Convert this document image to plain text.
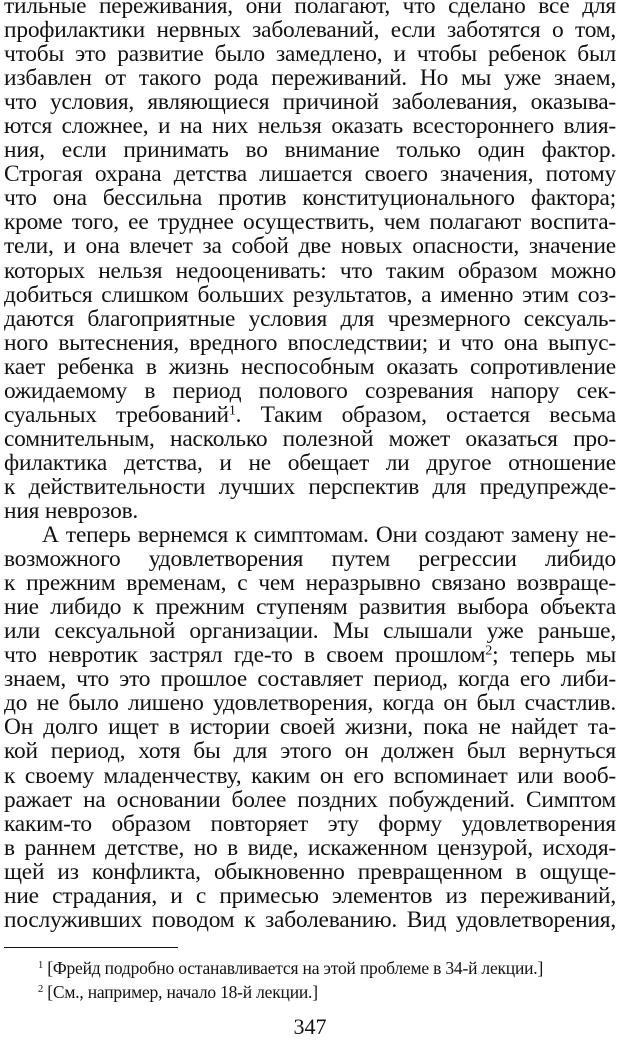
тильные переживания, они полагают, что сделано все для
профилактики нервных заболеваний, если заботятся о том,
чтобы это развитие было замедлено, и чтобы ребенок был
избавлен от такого рода переживаний. Но мы уже знаем,
что условия, являющиеся причиной заболевания, оказыва-
ются сложнее, и на них нельзя оказать всестороннего влия-
ния, если принимать во внимание только один фактор.
Строгая охрана детства лишается своего значения, потому
что она бессильна против конституционального фактора;
кроме того, ее труднее осуществить, чем полагают воспита-
тели, и она влечет за собой две новых опасности, значение
которых нельзя недооценивать: что таким образом можно
добиться слишком больших результатов, а именно этим соз-
даются благоприятные условия для чрезмерного сексуаль-
ного вытеснения, вредного впоследствии; и что она выпус-
кает ребенка в жизнь неспособным оказать сопротивление
ожидаемому в период полового созревания напору сек-
суальных требований$^1$. Таким образом, остается весьма
сомнительным, насколько полезной может оказаться про-
филактика детства, и не обещает ли другое отношение
к действительности лучших перспектив для предупрежде-
ния неврозов.
А теперь вернемся к симптомам. Они создают замену не-
возможного удовлетворения путем регрессии либидо
к прежним временам, с чем неразрывно связано возвраще-
ние либидо к прежним ступеням развития выбора объекта
или сексуальной организации. Мы слышали уже раньше,
что невротик застрял где-то в своем прошлом$^2$; теперь мы
знаем, что это прошлое составляет период, когда его либи-
до не было лишено удовлетворения, когда он был счастлив.
Он долго ищет в истории своей жизни, пока не найдет та-
кой период, хотя бы для этого он должен был вернуться
к своему младенчеству, каким он его вспоминает или вооб-
ражает на основании более поздних побуждений. Симптом
каким-то образом повторяет эту форму удовлетворения
в раннем детстве, но в виде, искаженном цензурой, исходя-
щей из конфликта, обыкновенно превращенном в ощуще-
ние страдания, и с примесью элементов из переживаний,
послуживших поводом к заболеванию. Вид удовлетворения,
$^1$ [Фрейд подробно останавливается на этой проблеме в 34-й лекции.]
$^2$ [См., например, начало 18-й лекции.]
347
